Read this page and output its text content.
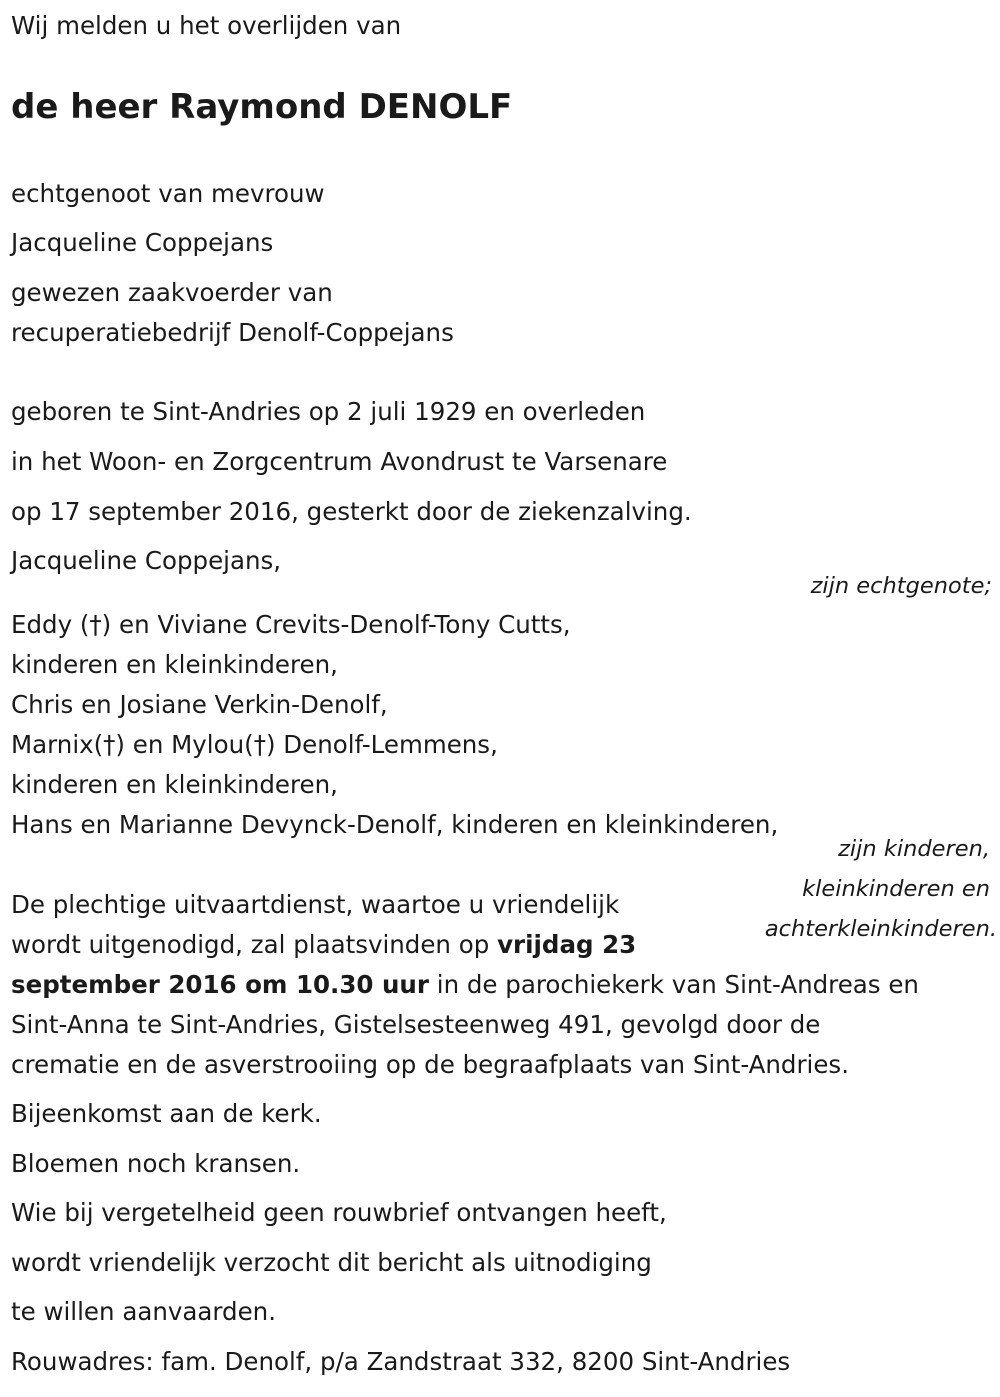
Wij melden u het overlijden van
de heer Raymond DENOLF
echtgenoot van mevrouw
Jacqueline Coppejans
gewezen zaakvoerder van
recuperatiebedrijf Denolf-Coppejans
geboren te Sint-Andries op 2 juli 1929 en overleden
in het Woon- en Zorgcentrum Avondrust te Varsenare
op 17 september 2016, gesterkt door de ziekenzalving.
Jacqueline Coppejans,
zijn echtgenote;
Eddy (†) en Viviane Crevits-Denolf-Tony Cutts,
kinderen en kleinkinderen,
Chris en Josiane Verkin-Denolf,
Marnix(†) en Mylou(†) Denolf-Lemmens,
kinderen en kleinkinderen,
Hans en Marianne Devynck-Denolf, kinderen en kleinkinderen,
zijn kinderen,
kleinkinderen en
achterkleinkinderen.
De plechtige uitvaartdienst, waartoe u vriendelijk
wordt uitgenodigd, zal plaatsvinden op vrijdag 23
september 2016 om 10.30 uur in de parochiekerk van Sint-Andreas en
Sint-Anna te Sint-Andries, Gistelsesteenweg 491, gevolgd door de
crematie en de asverstrooiing op de begraafplaats van Sint-Andries.
Bijeenkomst aan de kerk.
Bloemen noch kransen.
Wie bij vergetelheid geen rouwbrief ontvangen heeft,
wordt vriendelijk verzocht dit bericht als uitnodiging
te willen aanvaarden.
Rouwadres: fam. Denolf, p/a Zandstraat 332, 8200 Sint-Andries
